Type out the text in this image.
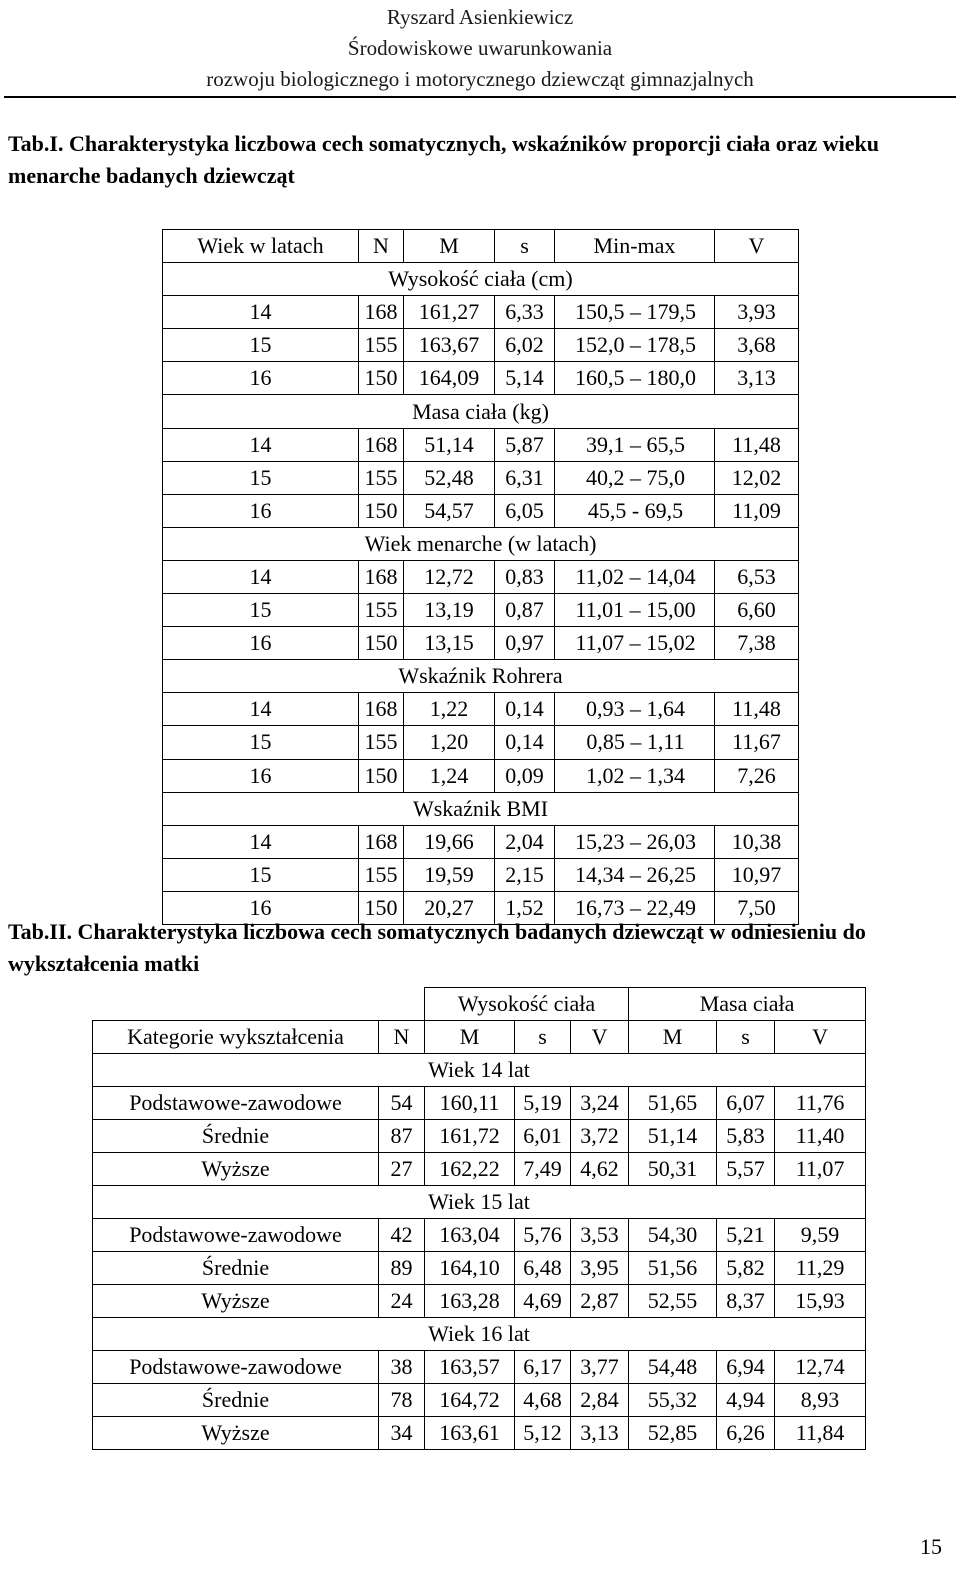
Ryszard Asienkiewicz
Środowiskowe uwarunkowania
rozwoju biologicznego i motorycznego dziewcząt gimnazjalnych
Tab.I. Charakterystyka liczbowa cech somatycznych, wskaźników proporcji ciała oraz wieku menarche badanych dziewcząt
Wiek w latach	N	M	s	Min-max	V
Wysokość ciała (cm)					
14	168	161,27	6,33	150,5 – 179,5	3,93
15	155	163,67	6,02	152,0 – 178,5	3,68
16	150	164,09	5,14	160,5 – 180,0	3,13
Masa ciała (kg)					
14	168	51,14	5,87	39,1 – 65,5	11,48
15	155	52,48	6,31	40,2 – 75,0	12,02
16	150	54,57	6,05	45,5 - 69,5	11,09
Wiek menarche (w latach)					
14	168	12,72	0,83	11,02 – 14,04	6,53
15	155	13,19	0,87	11,01 – 15,00	6,60
16	150	13,15	0,97	11,07 – 15,02	7,38
Wskaźnik Rohrera					
14	168	1,22	0,14	0,93 – 1,64	11,48
15	155	1,20	0,14	0,85 – 1,11	11,67
16	150	1,24	0,09	1,02 – 1,34	7,26
Wskaźnik BMI					
14	168	19,66	2,04	15,23 – 26,03	10,38
15	155	19,59	2,15	14,34 – 26,25	10,97
16	150	20,27	1,52	16,73 – 22,49	7,50
Tab.II. Charakterystyka liczbowa cech somatycznych badanych dziewcząt w odniesieniu do wykształcenia matki
		Wysokość ciała			Masa ciała		
Kategorie wykształcenia	N	M	s	V	M	s	V
Wiek 14 lat							
Podstawowe-zawodowe	54	160,11	5,19	3,24	51,65	6,07	11,76
Średnie	87	161,72	6,01	3,72	51,14	5,83	11,40
Wyższe	27	162,22	7,49	4,62	50,31	5,57	11,07
Wiek 15 lat							
Podstawowe-zawodowe	42	163,04	5,76	3,53	54,30	5,21	9,59
Średnie	89	164,10	6,48	3,95	51,56	5,82	11,29
Wyższe	24	163,28	4,69	2,87	52,55	8,37	15,93
Wiek 16 lat							
Podstawowe-zawodowe	38	163,57	6,17	3,77	54,48	6,94	12,74
Średnie	78	164,72	4,68	2,84	55,32	4,94	8,93
Wyższe	34	163,61	5,12	3,13	52,85	6,26	11,84
15
